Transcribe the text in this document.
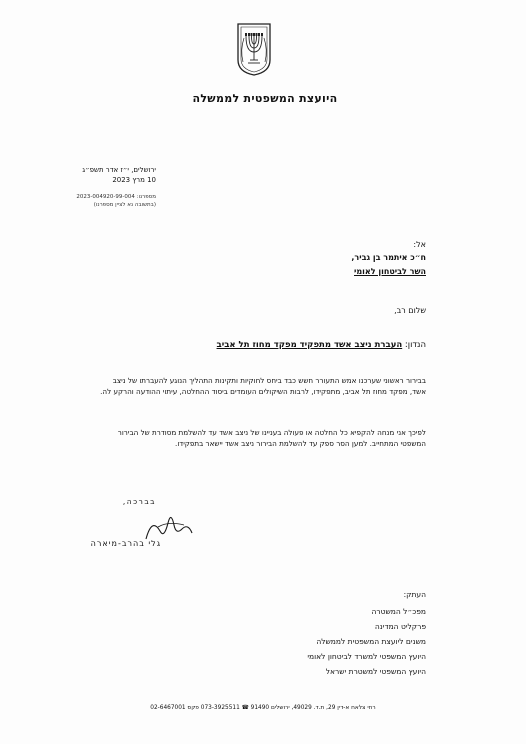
היועצת המשפטית לממשלה
ירושלים, י״ז אדר תשפ״ג
10 מרץ 2023
מספרנו: 2023-004920-99-004
(בתשובה נא לציין מספרנו)
אל:
ח״כ איתמר בן גביר,
השר לביטחון לאומי
שלום רב,
הנדון: העברת ניצב אשד מתפקיד מפקד מחוז תל אביב
בבירור ראשוני שערכנו אמש התעורר חשש כבד ביחס לחוקיות ותקינות התהליך הנוגע להעברתו של ניצב אשד, מפקד מחוז תל אביב, מתפקידו, לרבות השיקולים העומדים ביסוד ההחלטה, עיתוי ההודעה והרקע לה.
לפיכך אני מנחה להקפיא כל החלטה או פעולה בעניינו של ניצב אשד עד להשלמת מסודרת של הבירור המשפטי המתחייב. למען הסר ספק עד להשלמת הבירור ניצב אשד יישאר בתפקידו.
בברכה,
גלי בהרב-מיארה
העתק:
מפכ״ל המשטרה
פרקליט המדינה
משנים ליועצת המשפטית לממשלה
היועץ המשפטי למשרד לביטחון לאומי
היועץ המשפטי למשטרת ישראל
רחי צלאח א-דין 29, ת.ד. 49029, ירושלים 91490 ☎ 073-3925511 פקס 02-6467001
